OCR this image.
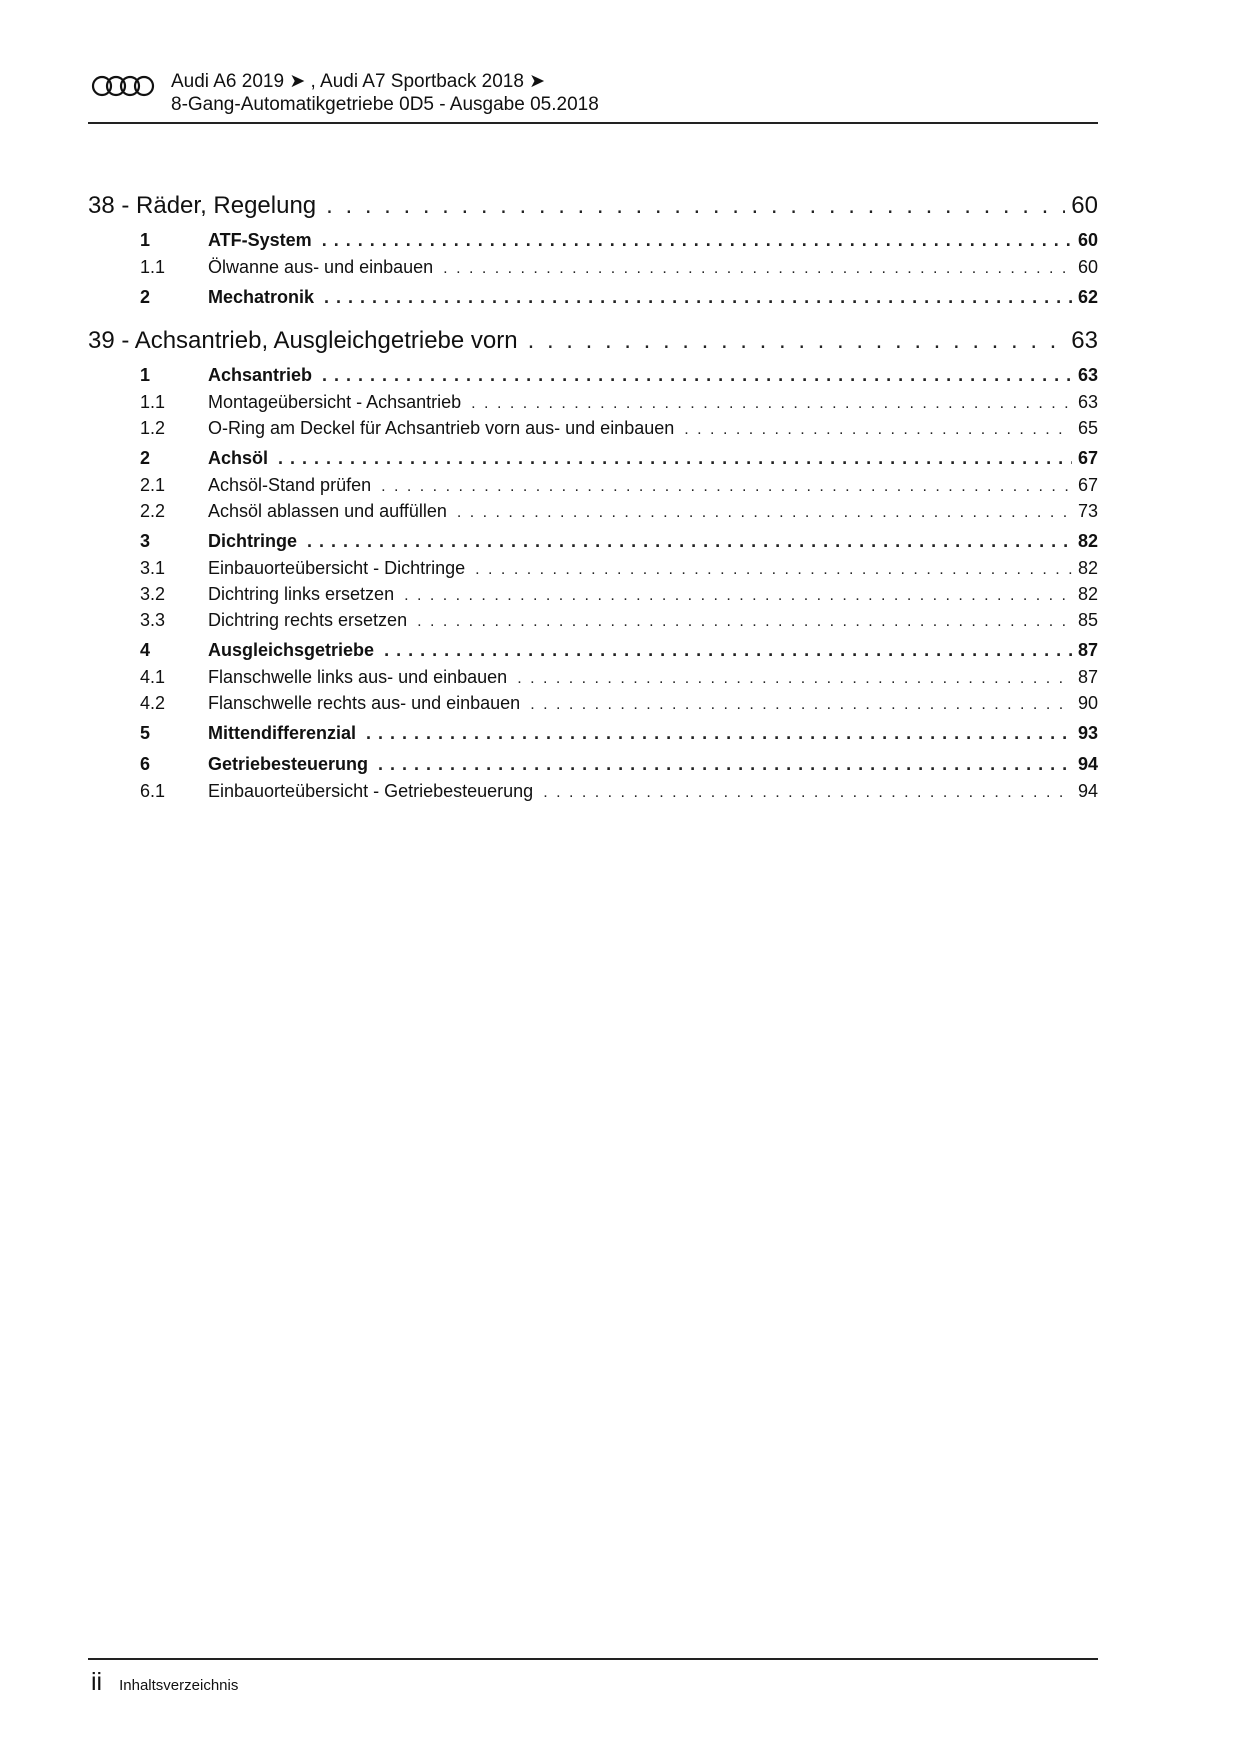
Audi A6 2019 ➤ , Audi A7 Sportback 2018 ➤
8-Gang-Automatikgetriebe 0D5 - Ausgabe 05.2018
38 - Räder, Regelung . . .	60
1	ATF-System . . .	60
1.1	Ölwanne aus- und einbauen . . .	60
2	Mechatronik . . .	62
39 - Achsantrieb, Ausgleichgetriebe vorn . . .	63
1	Achsantrieb . . .	63
1.1	Montageübersicht - Achsantrieb . . .	63
1.2	O-Ring am Deckel für Achsantrieb vorn aus- und einbauen . . .	65
2	Achsöl . . .	67
2.1	Achsöl-Stand prüfen . . .	67
2.2	Achsöl ablassen und auffüllen . . .	73
3	Dichtringe . . .	82
3.1	Einbauorteübersicht - Dichtringe . . .	82
3.2	Dichtring links ersetzen . . .	82
3.3	Dichtring rechts ersetzen . . .	85
4	Ausgleichsgetriebe . . .	87
4.1	Flanschwelle links aus- und einbauen . . .	87
4.2	Flanschwelle rechts aus- und einbauen . . .	90
5	Mittendifferenzial . . .	93
6	Getriebesteuerung . . .	94
6.1	Einbauorteübersicht - Getriebesteuerung . . .	94
ii Inhaltsverzeichnis
